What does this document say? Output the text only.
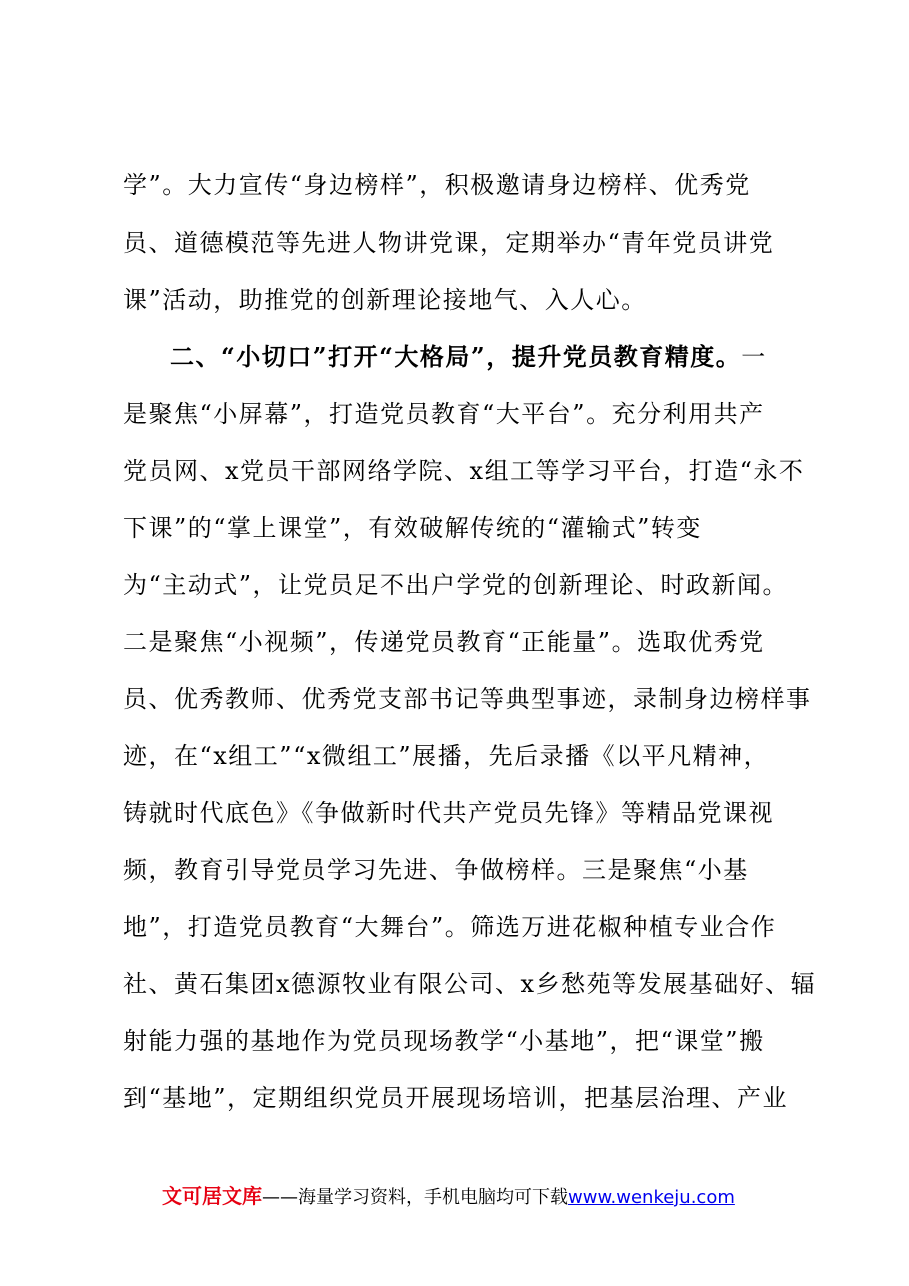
学”。大力宣传“身边榜样”，积极邀请身边榜样、优秀党
员、道德模范等先进人物讲党课，定期举办“青年党员讲党
课”活动，助推党的创新理论接地气、入人心。
二、“小切口”打开“大格局”，提升党员教育精度。一
是聚焦“小屏幕”，打造党员教育“大平台”。充分利用共产
党员网、x党员干部网络学院、x组工等学习平台，打造“永不
下课”的“掌上课堂”，有效破解传统的“灌输式”转变
为“主动式”，让党员足不出户学党的创新理论、时政新闻。
二是聚焦“小视频”，传递党员教育“正能量”。选取优秀党
员、优秀教师、优秀党支部书记等典型事迹，录制身边榜样事
迹，在“x组工”“x微组工”展播，先后录播《以平凡精神，
铸就时代底色》《争做新时代共产党员先锋》等精品党课视
频，教育引导党员学习先进、争做榜样。三是聚焦“小基
地”，打造党员教育“大舞台”。筛选万进花椒种植专业合作
社、黄石集团x德源牧业有限公司、x乡愁苑等发展基础好、辐
射能力强的基地作为党员现场教学“小基地”，把“课堂”搬
到“基地”，定期组织党员开展现场培训，把基层治理、产业
文可居文库——海量学习资料，手机电脑均可下载www.wenkeju.com
